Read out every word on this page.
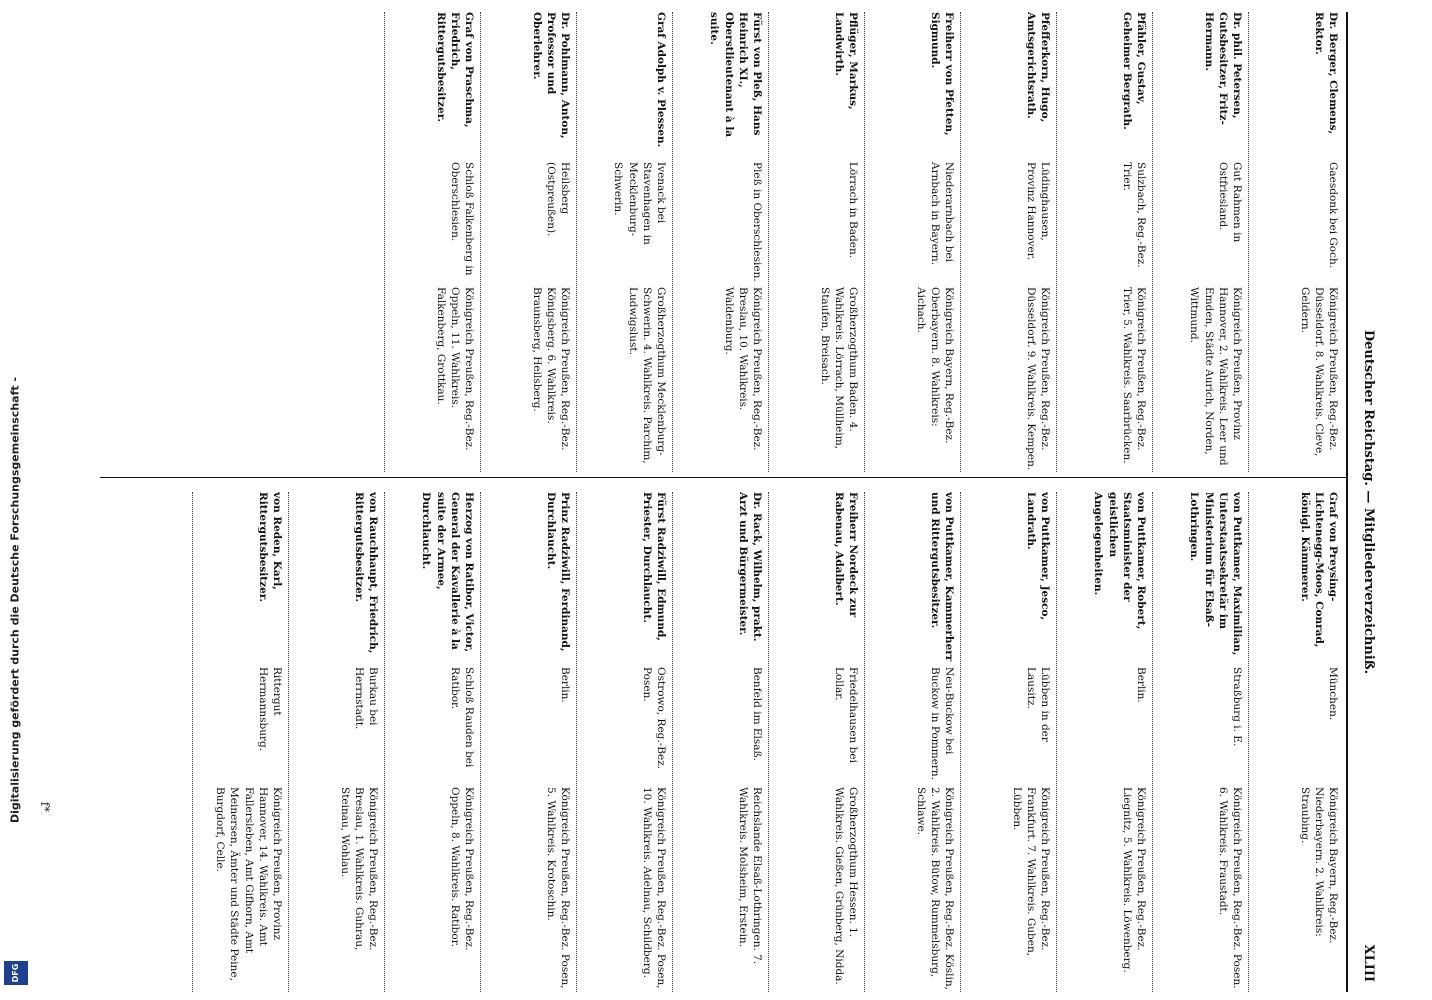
Digitalisierung gefördert durch die Deutsche Forschungsgemeinschaft -
DFG
f*
Deutscher Reichstag. — Mitgliederverzeichniß.
XLIII
Dr. Berger, Clemens, Rektor.
Gaesdonk bei Goch.
Königreich Preußen, Reg.-Bez. Düsseldorf. 8. Wahlkreis. Cleve, Geldern.
Dr. phil. Petersen, Gutsbesitzer, Fritz-Hermann.
Gut Rahmen in Ostfriesland.
Königreich Preußen, Provinz Hannover, 2. Wahlkreis. Leer und Emden, Städte Aurich, Norden, Wittmund.
Pfähler, Gustav, Geheimer Bergrath.
Sulzbach, Reg.-Bez. Trier.
Königreich Preußen, Reg.-Bez. Trier, 5. Wahlkreis. Saarbrücken.
Pfefferkorn, Hugo, Amtsgerichtsrath.
Lüdinghausen, Provinz Hannover.
Königreich Preußen, Reg.-Bez. Düsseldorf. 9. Wahlkreis. Kempen.
Freiherr von Pfetten, Sigmund.
Niederarnbach bei Arnbach in Bayern.
Königreich Bayern, Reg.-Bez. Oberbayern. 8. Wahlkreis: Aichach.
Pflüger, Markus, Landwirth.
Lörrach in Baden.
Großherzogthum Baden. 4. Wahlkreis. Lörrach, Müllheim, Staufen, Breisach.
Fürst von Pleß, Hans Heinrich XI., Oberstlieutenant à la suite.
Pleß in Oberschlesien.
Königreich Preußen, Reg.-Bez. Breslau, 10. Wahlkreis. Waldenburg.
Graf Adolph v. Plessen.
Ivenack bei Stavenhagen in Mecklenburg-Schwerin.
Großherzogthum Mecklenburg-Schwerin. 4. Wahlkreis. Parchim, Ludwigslust.
Dr. Pohlmann, Anton, Professor und Oberlehrer.
Heilsberg (Ostpreußen).
Königreich Preußen, Reg.-Bez. Königsberg. 6. Wahlkreis. Braunsberg, Heilsberg.
Graf von Praschma, Friedrich, Rittergutsbesitzer.
Schloß Falkenberg in Oberschlesien.
Königreich Preußen, Reg.-Bez. Oppeln, 11. Wahlkreis. Falkenberg, Grottkau.
Graf von Preysing-Lichtenegg-Moos, Conrad, königl. Kämmerer.
München.
Königreich Bayern, Reg.-Bez. Niederbayern. 2. Wahlkreis: Straubing.
von Puttkamer, Maximilian, Unterstaatssekretär im Ministerium für Elsaß-Lothringen.
Straßburg i. E.
Königreich Preußen, Reg.-Bez. Posen. 6. Wahlkreis. Fraustadt.
von Puttkamer, Robert, Staatsminister der geistlichen Angelegenheiten.
Berlin.
Königreich Preußen, Reg.-Bez. Liegnitz, 5. Wahlkreis. Löwenberg.
von Puttkamer, Jesco, Landrath.
Lübben in der Lausitz.
Königreich Preußen, Reg.-Bez. Frankfurt. 7. Wahlkreis. Guben, Lübben.
von Puttkamer, Kammerherr und Rittergutsbesitzer.
Neu-Buckow bei Buckow in Pommern.
Königreich Preußen, Reg.-Bez. Köslin, 2. Wahlkreis. Bütow, Rummelsburg, Schlawe.
Freiherr Nordeck zur Rabenau, Adalbert.
Friedelhausen bei Lollar.
Großherzogthum Hessen. 1. Wahlkreis. Gießen, Grünberg, Nidda.
Dr. Rack, Wilhelm, prakt. Arzt und Bürgermeister.
Benfeld im Elsaß.
Reichslande Elsaß-Lothringen. 7. Wahlkreis. Molsheim, Erstein.
Fürst Radziwill, Edmund, Priester, Durchlaucht.
Ostrowo, Reg.-Bez. Posen.
Königreich Preußen, Reg.-Bez. Posen, 10. Wahlkreis. Adelnau, Schildberg.
Prinz Radziwill, Ferdinand, Durchlaucht.
Berlin.
Königreich Preußen, Reg.-Bez. Posen, 5. Wahlkreis. Krotoschin.
Herzog von Ratibor, Victor, General der Kavallerie à la suite der Armee, Durchlaucht.
Schloß Rauden bei Ratibor.
Königreich Preußen, Reg.-Bez. Oppeln, 8. Wahlkreis. Ratibor.
von Rauchhaupt, Friedrich, Rittergutsbesitzer.
Burkau bei Herrnstadt.
Königreich Preußen, Reg.-Bez. Breslau, 1. Wahlkreis. Guhrau, Steinau, Wohlau.
von Reden, Karl, Rittergutsbesitzer.
Rittergut Hermannsburg.
Königreich Preußen, Provinz Hannover, 14. Wahlkreis. Amt Fallersleben, Amt Gifhorn, Amt Meinersen, Ämter und Städte Peine, Burgdorf, Celle.
